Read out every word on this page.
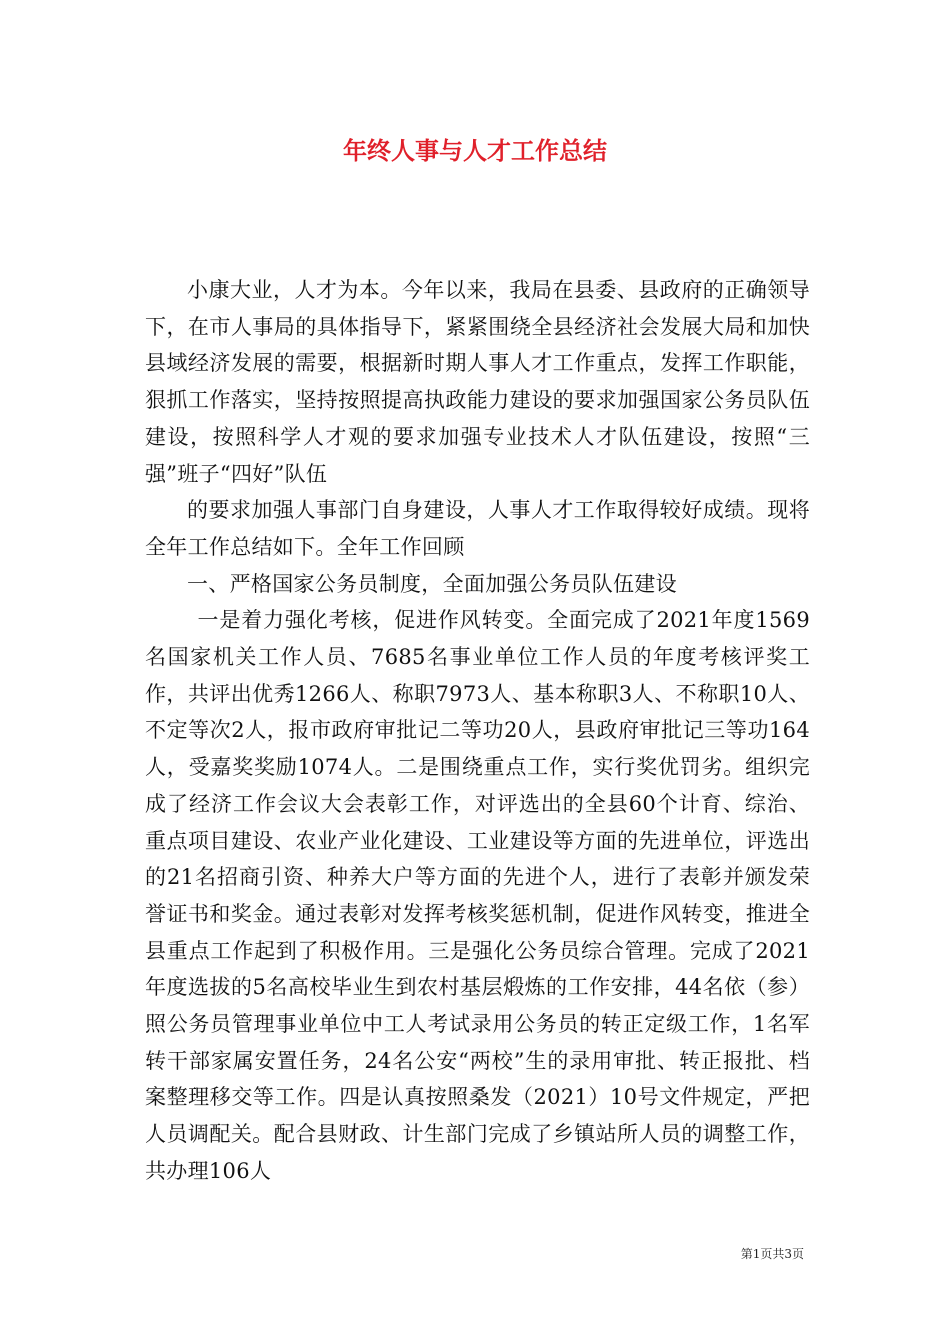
年终人事与人才工作总结

小康大业，人才为本。今年以来，我局在县委、县政府的正确领导下，在市人事局的具体指导下，紧紧围绕全县经济社会发展大局和加快县域经济发展的需要，根据新时期人事人才工作重点，发挥工作职能，狠抓工作落实，坚持按照提高执政能力建设的要求加强国家公务员队伍建设，按照科学人才观的要求加强专业技术人才队伍建设，按照“三强”班子“四好”队伍

的要求加强人事部门自身建设，人事人才工作取得较好成绩。现将全年工作总结如下。全年工作回顾

一、严格国家公务员制度，全面加强公务员队伍建设

一是着力强化考核，促进作风转变。全面完成了2021年度1569名国家机关工作人员、7685名事业单位工作人员的年度考核评奖工作，共评出优秀1266人、称职7973人、基本称职3人、不称职10人、不定等次2人，报市政府审批记二等功20人，县政府审批记三等功164人，受嘉奖奖励1074人。二是围绕重点工作，实行奖优罚劣。组织完成了经济工作会议大会表彰工作，对评选出的全县60个计育、综治、重点项目建设、农业产业化建设、工业建设等方面的先进单位，评选出的21名招商引资、种养大户等方面的先进个人，进行了表彰并颁发荣誉证书和奖金。通过表彰对发挥考核奖惩机制，促进作风转变，推进全县重点工作起到了积极作用。三是强化公务员综合管理。完成了2021年度选拔的5名高校毕业生到农村基层煅炼的工作安排，44名依（参）照公务员管理事业单位中工人考试录用公务员的转正定级工作，1名军转干部家属安置任务，24名公安“两校”生的录用审批、转正报批、档案整理移交等工作。四是认真按照桑发（2021）10号文件规定，严把人员调配关。配合县财政、计生部门完成了乡镇站所人员的调整工作，共办理106人

第1页共3页
